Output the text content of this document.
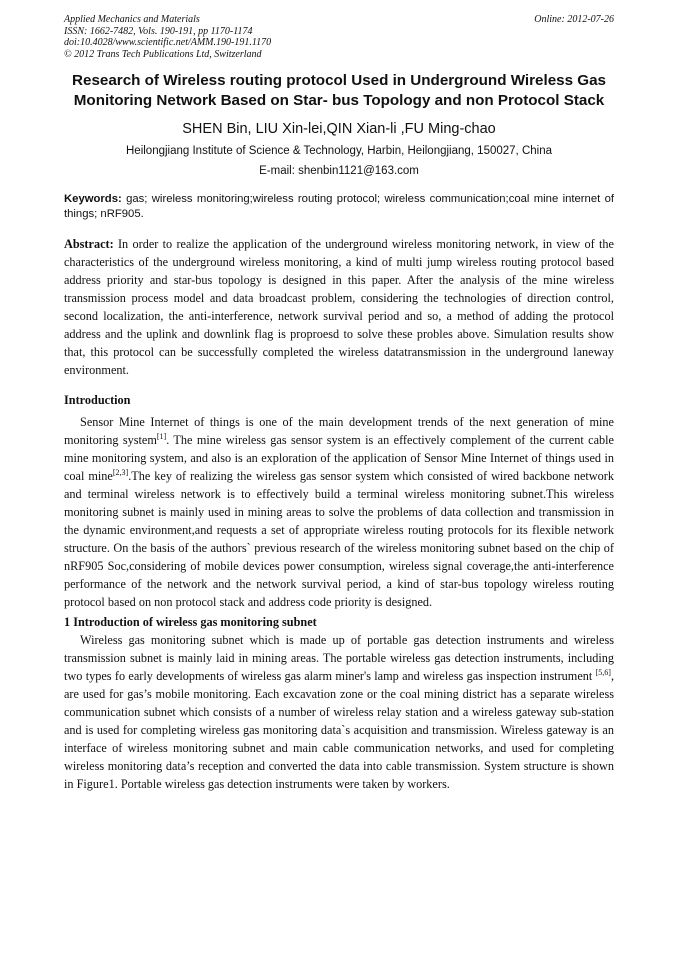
Applied Mechanics and Materials
ISSN: 1662-7482, Vols. 190-191, pp 1170-1174
doi:10.4028/www.scientific.net/AMM.190-191.1170
© 2012 Trans Tech Publications Ltd, Switzerland
Online: 2012-07-26
Research of Wireless routing protocol Used in Underground Wireless Gas Monitoring Network Based on Star- bus Topology and non Protocol Stack
SHEN Bin, LIU Xin-lei,QIN Xian-li ,FU Ming-chao
Heilongjiang Institute of Science & Technology, Harbin, Heilongjiang, 150027, China
E-mail: shenbin1121@163.com
Keywords: gas; wireless monitoring;wireless routing protocol; wireless communication;coal mine internet of things; nRF905.
Abstract: In order to realize the application of the underground wireless monitoring network, in view of the characteristics of the underground wireless monitoring, a kind of multi jump wireless routing protocol based address priority and star-bus topology is designed in this paper. After the analysis of the mine wireless transmission process model and data broadcast problem, considering the technologies of direction control, second localization, the anti-interference, network survival period and so, a method of adding the protocol address and the uplink and downlink flag is proproesd to solve these probles above. Simulation results show that, this protocol can be successfully completed the wireless datatransmission in the underground laneway environment.
Introduction

Sensor Mine Internet of things is one of the main development trends of the next generation of mine monitoring system[1]. The mine wireless gas sensor system is an effectively complement of the current cable mine monitoring system, and also is an exploration of the application of Sensor Mine Internet of things used in coal mine[2,3].The key of realizing the wireless gas sensor system which consisted of wired backbone network and terminal wireless network is to effectively build a terminal wireless monitoring subnet.This wireless monitoring subnet is mainly used in mining areas to solve the problems of data collection and transmission in the dynamic environment,and requests a set of appropriate wireless routing protocols for its flexible network structure. On the basis of the authors` previous research of the wireless monitoring subnet based on the chip of nRF905 Soc,considering of mobile devices power consumption, wireless signal coverage,the anti-interference performance of the network and the network survival period, a kind of star-bus topology wireless routing protocol based on non protocol stack and address code priority is designed.

1 Introduction of wireless gas monitoring subnet

Wireless gas monitoring subnet which is made up of portable gas detection instruments and wireless transmission subnet is mainly laid in mining areas. The portable wireless gas detection instruments, including two types fo early developments of wireless gas alarm miner's lamp and wireless gas inspection instrument [5,6], are used for gas’s mobile monitoring. Each excavation zone or the coal mining district has a separate wireless communication subnet which consists of a number of wireless relay station and a wireless gateway sub-station and is used for completing wireless gas monitoring data`s acquisition and transmission. Wireless gateway is an interface of wireless monitoring subnet and main cable communication networks, and used for completing wireless monitoring data’s reception and converted the data into cable transmission. System structure is shown in Figure1. Portable wireless gas detection instruments were taken by workers.
